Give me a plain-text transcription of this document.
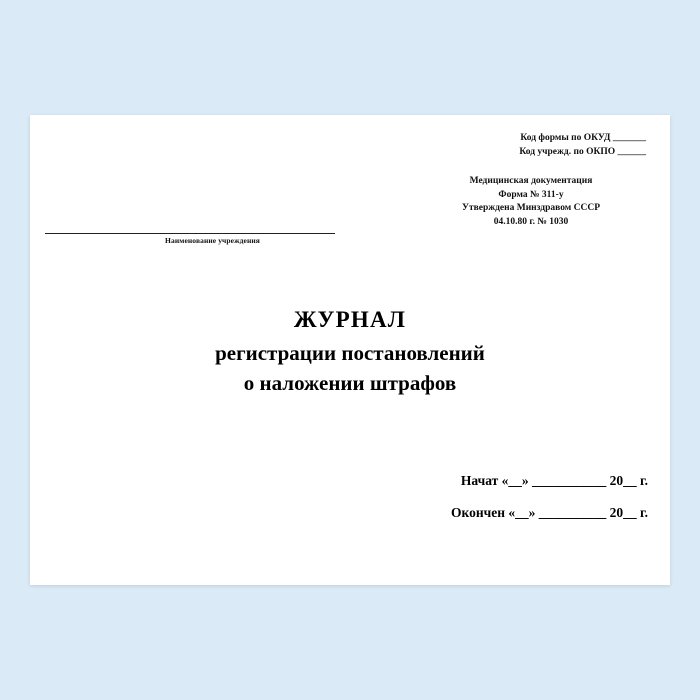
Код формы по ОКУД _______
Код учрежд. по ОКПО ______
Медицинская документация
Форма № 311-у
Утверждена Минздравом СССР
04.10.80 г. № 1030
Наименование учреждения
ЖУРНАЛ
регистрации постановлений
о наложении штрафов
Начат «__» ___________ 20__ г.
Окончен «__» __________ 20__ г.
